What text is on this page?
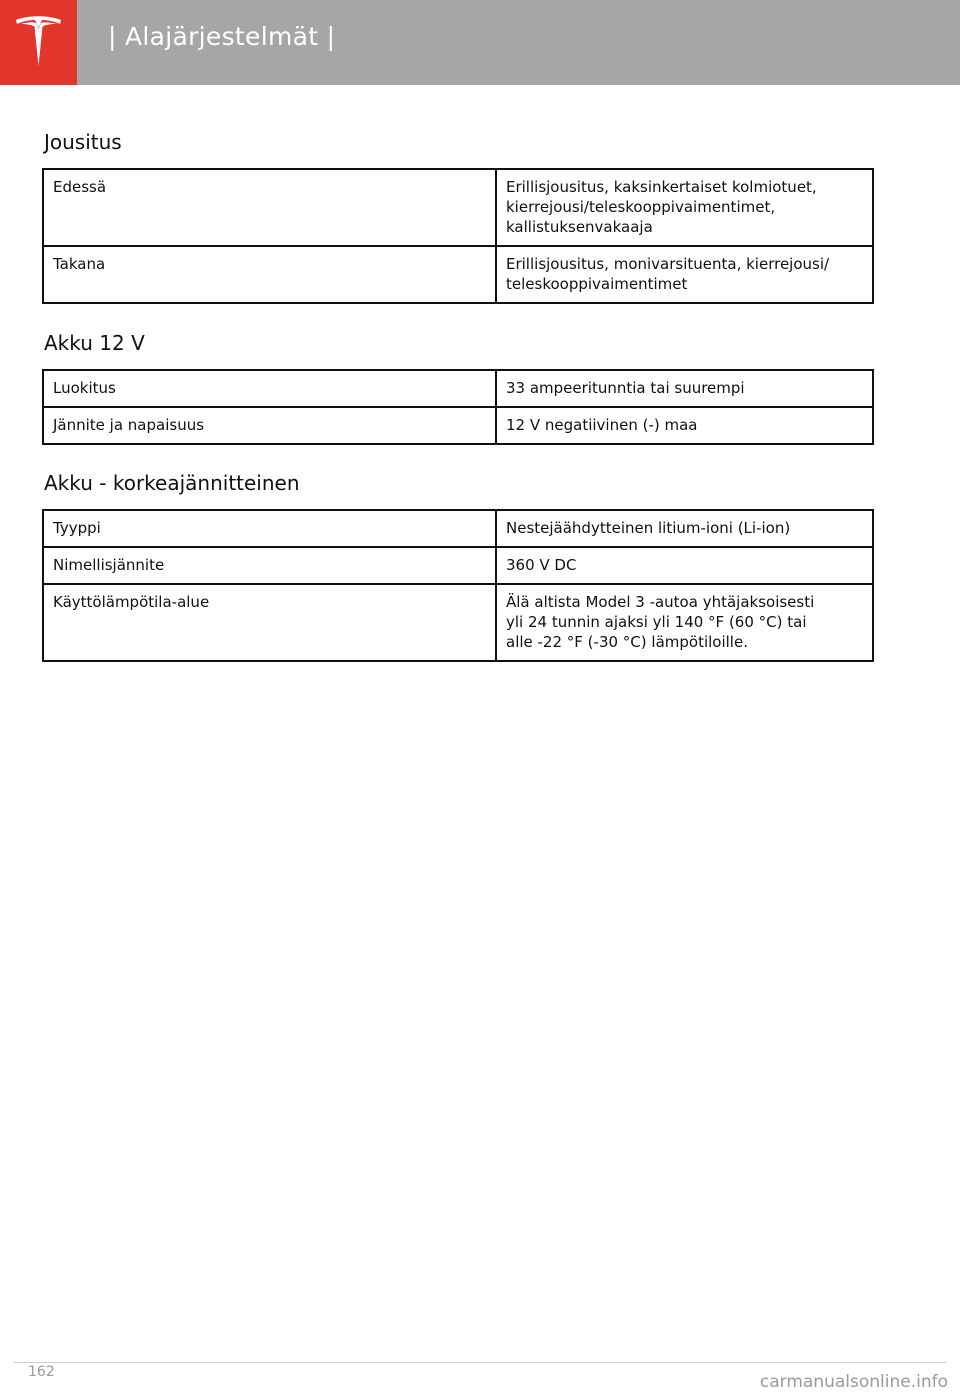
| Alajärjestelmät |
Jousitus
Edessä	Erillisjousitus, kaksinkertaiset kolmiotuet,
kierrejousi/teleskooppivaimentimet,
kallistuksenvakaaja

Takana	Erillisjousitus, monivarsituenta, kierrejousi/
teleskooppivaimentimet
Akku 12 V
Luokitus	33 ampeeritunntia tai suurempi

Jännite ja napaisuus	12 V negatiivinen (-) maa
Akku - korkeajännitteinen
Tyyppi	Nestejäähdytteinen litium-ioni (Li-ion)

Nimellisjännite	360 V DC

Käyttölämpötila-alue	Älä altista Model 3 -autoa yhtäjaksoisesti
yli 24 tunnin ajaksi yli 140 °F (60 °C) tai
alle -22 °F (-30 °C) lämpötiloille.
162	carmanualsonline.info
